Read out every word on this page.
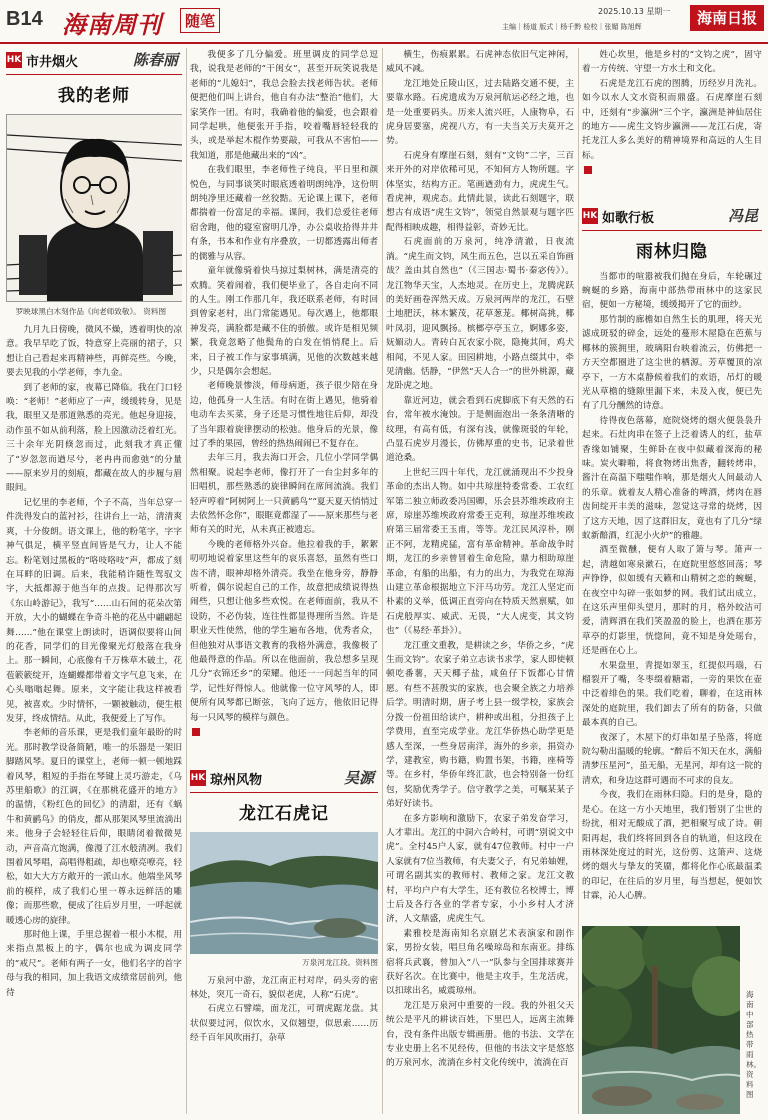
B14 海南周刊	随笔	主编｜杨道 版式｜杨千黔 检校｜张媚 陈旭辉
2025.10.13 星期一	海南日报
HK 市井烟火	陈春丽
我的老师
罗映球黑白木刻作品《向老师致敬》。 资料图

九月九日傍晚，微风不燥，透着明快的凉意。我早早吃了饭，特意穿上亮丽的裙子，只想让自己看起来再精神些，再鲜亮些。今晚，要去见我的小学老师，李九金。

到了老师的家，夜幕已降临。我在门口轻唤：“老师！”老师应了一声，缓缓转身，见是我，眼里又是那道熟悉的亮光。他起身迎接，动作虽不如从前利落，脸上因激动泛着红光。三十余年光阴倏忽而过，此刻我才真正懂了“岁忽忽而遒尽兮，老冉冉而愈弛”的分量——原来岁月的刻痕，都藏在故人的步履与眉眼间。

记忆里的李老师，个子不高，当年总穿一件洗得发白的蓝衬衫，往讲台上一站，清清爽爽，十分俊朗。语文课上，他的粉笔字，字字神气俱足，横平竖直间皆是气力，让人不能忘。粉笔划过黑板的“咯吱咯吱”声，都成了刻在耳畔的旧调。后来，我能稍许随性驾驭文字，大抵都源于他当年的点拨。记得那次写《东山岭游记》，我写“……山石间的花朵次第开放，大小的蝴蝶在争奇斗艳的花丛中翩翩起舞……”他在课堂上朗读时，语调似要将山间的花香，同学们的目光像聚光灯般落在我身上。那一瞬间，心底像有千万株草木破土，花苞簌簌绽开，连蝴蝶都带着文字气息飞来，在心头嗡嗡起舞。原来，文字能让我这样被看见，被喜欢。少时情怀，一颗被触动，便生根发芽，终成情结。从此，我便爱上了写作。

李老师的音乐课，更是我们童年最盼的时光。那时教学设备简陋，唯一的乐器是一架旧脚踏风琴。夏日的课堂上，老师一顿一顿地踩着风琴，粗短的手指在琴键上灵巧游走，《乌苏里船歌》的江调，《在那桃花盛开的地方》的温情，《粉红色的回忆》的清甜，还有《蜗牛和黄鹂鸟》的俏皮，都从那架风琴里流淌出来。他身子会轻轻往后仰，眼睛闭着微微晃动，声音高亢饱满，像漫了江水般清冽。我们围着风琴唱，高唱得粗疏，却也嘹亮嘹亮，轻松，如大大方方敞开的一派山水。他端坐风琴前的模样，成了我们心里一尊永远鲜活的雕像；而那些歌，便成了往后岁月里，一呼起就暖透心房的旋律。

那时他上课，手里总握着一根小木棍，用来指点黑板上的字，偶尔也成为调皮同学的“戒尺”。老师有两子一女，他们名字的首字母与我的相同，加上我语文成绩常居前列，他待

我便多了几分偏爱。班里调皮的同学总逗我，说我是老师的“干闺女”，甚至开玩笑说我是老师的“儿媳妇”，我总会脸去找老师告状。老师便把他们叫上讲台，他自有办法“整治”他们，大家笑作一团。有时，我确着他的偏爱，也会跟着同学起哄，他便张开手指，咬着嘴唇轻轻我的头，或是举起木棍作势要敲，可我从不害怕——我知道，那是他藏出来的“凶”。

在我们眼里，李老师性子纯良，平日里和颜悦色，与同事谈笑时眼底透着明朗纯净，这份明朗纯净里还藏着一丝狡黠。无论课上课下，老师都揣着一份富足的幸福。课间，我们总爱往老师宿舍跑，他的寝室窗明几净，办公桌收拾得井井有条，书本和作业有序叠放，一切都透露出师者的儒雅与从容。

童年就像骑着快马掠过梨树林，满是清亮的欢腾。笑着闹着，我们便毕业了，各自走向不同的人生。刚工作那几年，我还联系老师，有时回到曾家老村，出门常能遇见。每次遇上，他都眼神发亮，满脸都是藏不住的骄傲。或许是相见频繁，我竟忽略了他鬓角的白发在悄悄爬上。后来，日子被工作与家事填满，见他的次数越来越少，只是偶尔会想起。

老师晚景惨淡，师母病逝，孩子很少陪在身边，他孤身一人生活。有时在街上遇见，他骑着电动车去买菜，身子还是习惯性地往后仰，却没了当年跟着旋律摆动的松弛。他身后的光景，像过了季的果园，曾经的热热闹闹已不复存在。

去年三月，我去海口开会，几位小学同学偶然相聚。说起李老师，像打开了一台尘封多年的旧唱机，那些熟悉的旋律瞬间在席间流淌。我们轻声哼着“阿树阿上一只黄鹂鸟”“夏天夏天悄悄过去依然怀念你”，眼眶竟都湿了——原来那些与老师有关的时光，从未真正被遗忘。

今晚的老师格外兴奋。他拉着我的手，絮絮叨叨地说着家里这些年的哀乐喜怒，虽然有些口齿不清，眼神却格外清亮。我坐在他身旁，静静听着，偶尔说起自己的工作，故意把成绩说得热闹些，只想让他多些欢悦。在老师面前，我从不设防，不必伪装，连往性都显得理所当然。许是职业天性使然，他的学生遍布各地，优秀者众，但他独对从事语文教育的我格外满意，我像极了他最得意的作品。所以在他面前，我总想多呈现几分“衣锦还乡”的荣耀。他还一一问起当年的同学，记性好得惊人。他就像一位守风琴的人，即便所有风琴都已断弦，飞向了远方，他依旧记得每一只风琴的模样与颜色。

HK 琼州风物	吴源
龙江石虎记
万泉河龙江段。资料图

万泉河中游，龙江南正村对岸，码头旁的密林处，突兀一奇石，貌似老虎，人称“石虎”。

石虎立石譬端，面龙江，可谓虎踞龙盘。其状似要过河，似饮水，又似翘望，似思索……历经千百年风吹雨打，杂草

横生，伤痕累累。石虎神态依旧气定神闲，威风不减。

龙江地处丘陵山区，过去陆路交通不便，主要靠水路。石虎遗成为万泉河航运必经之地，也是一处重要码头。历来人流兴旺，人康物阜，石虎身居要塞，虎视八方，有一夫当关万夫莫开之势。

石虎身有摩崖石刻，刻有“文钧”二字，三百来开外的对岸依稀可见，不知何方人物所题。字体坚实，结构方正。笔画遒劲有力，虎虎生气。看虎神，观虎态。此情此景，读此石刻题字，联想古有成语“虎生文钧”，领觉自然景观与题字匹配得相映成趣，相得益彰，奇妙无比。

石虎面前的万泉河，纯净清澈，日夜流淌。“虎生而文钧，风生而五色，岂以五采自饰画哉？盖由其自然也”（《三国志·蜀书·秦宓传》）。龙江物华天宝，人杰地灵。在历史上，龙腾虎跃的美好画卷浑然天成。万泉河两岸的龙江，石壁土地肥沃，林木繁茂，花草葱茏。椰树高挑，椰叶凤羽，迎风飘扬。槟榔亭亭玉立，婀娜多姿，妩媚动人。青砖白瓦农家小院，隐掩其间，鸡犬相闻，不见人家。田园耕地，小路点缀其中，牵见清幽。恬静，“伊然“天人合一”的世外桃源，藏龙卧虎之地。

靠近河边，就会看到石虎脚底下有天然的石台，常年被水淹蚀。于是侧面泡出一条条清晰的纹理，有高有低，有深有浅，就像斑驳的年轮，凸显石虎岁月漫长，仿佛厚重的史书，记录着世道沧桑。

上世纪三四十年代，龙江就涌现出不少投身革命的杰出人物。如中共琼崖特委常委、工农红军第二独立师政委冯国卿，乐会县苏维埃政府主席，琼崖苏维埃政府常委王克利，琼崖苏维埃政府第三届常委王玉甫，等等。龙江民风淳朴，刚正不阿，龙精虎猛，富有革命精神。革命战争时期，龙江的乡亲曾冒着生命危险，鼎力相助琼崖革命，有船的出船，有力的出力，为我党在琼海山建立革命根据地立下汗马功劳。龙江人坚定而朴素的义举，低调正直旁向在特质天然禀赋，如石虎般厚实、威武、无畏，“大人虎变，其文钧也”（《易经·革卦》）。

龙江重文重教，是耕读之乡，华侨之乡，“虎生而文钧”。农家子弟立志读书求学，家人即使顿顿吃番薯，天天椰子盐，咸鱼仔下饭都心甘情愿。有些不甚殷实的家族，也会聚全族之力培养后学。明清时期，唐子考上县一级学校，家族会分拨一份祖田给读户，耕种或出租，分担孩子上学费用，直至完成学业。龙江华侨热心助学更是感人至深，一些身居南洋，海外的乡亲，捐资办学，建教室，购书籍，购置书架，书籍，座椅等等。在乡村，华侨年终汇款，也会特别备一份红包，奖励优秀学子。信守教学之美，可嘱某某子弟好好读书。

在多方影响和激励下，农家子弟发奋学习，人才辈出。龙江的中洞六合岭村，可谓“别说文中虎”。全村45户人家，就有47位教师。村中一户人家就有7位当教师，有夫妻父子，有兄弟妯娌，可谓名副其实的教师村、教师之家。龙江文教村，平均户户有大学生，还有教位名校博士，博士后及各行各业的学者专家，小小乡村人才济济，人文鼎盛，虎虎生气。

素雅校是海南知名京剧艺术表演家和剧作家，男扮女装，唱旦角名噪琼岛和东南亚。排练宿将兵武襄，曾加入“八一”队参与全国排球赛并获好名次。在比赛中，他是主攻手，生龙活虎，以扣球出名，威震琼州。

龙江是万泉河中重要的一段。我的外祖父天统公是平凡的耕读百姓，下里巴人，远离主流舞台，没有条件出版专辑画册。他的书法、文学在专业史册上名不见经传，但他的书法文字是悠悠的万泉河水，流淌在乡村文化传统中，流淌在百

姓心坎里，他是乡村的“文钧之虎”，固守着一方传统、守望一方水土和文化。

石虎是龙江石虎的图腾，历经岁月洗礼。如今以水人文水资积而鼎盛。石虎摩崖石刻中，还刻有“步瀛洲”三个字，瀛洲是神仙居住的地方——虎生文钧步瀛洲——龙江石虎，寄托龙江人多么美好的精神境界和高远的人生目标。

HK 如歌行板	冯昆
雨林归隐

当都市的喧嚣被我们抛在身后，车轮碾过蜿蜒的乡路，海南中部热带雨林中的这家民宿，便如一方秘境，缓缓揭开了它的面纱。

那竹制的廊檐如自然生长的肌理，将天光滤成斑驳的碎金，远处的蔓形木屋隐在芭蕉与椰林的簇拥里，玻璃阳台映着流云，仿佛把一方天空都圈进了这尘世的栖源。芳草覆顶的凉亭下，一方木桌静候着我们的欢语，吊灯的暖光从草檐的缝隙里漏下来，未及入夜，便已先有了几分醺然的诗意。

待得夜色落幕，庭院烧烤的烟火便袅袅升起来。石灶肉串在签子上泛着诱人的红，盐草香缘如铺聚，生鲜卧在夜中似藏着深海的秘味。炭火噼啪，将食物烤出焦香，翻转烤串，酱汁在高温下嗤嗤作响，那是烟火人间最动人的乐章。就着友人精心准备的啤酒，烤肉在唇齿间绽开丰美的滋味，忽觉这寻常的烧烤，因了这方天地，因了这群旧友，竟也有了几分“绿蚁新醅酒，红泥小火炉”的雅趣。

酒至微醺，便有人取了箫与琴。箫声一起，清越如寒泉漱石，在庭院里悠悠回荡；琴声铮铮，似如缓有天籁和山精树之恋的蜿蜒，在夜空中勾碎一张如梦的网。我们试出成立，在这乐声里仰头望月，那时的月，格外皎洁可爱，清辉洒在我们笑盈盈的脸上，也洒在那芳草亭的灯影里，恍惚间，竟不知是身处瑶台，还是画在心上。

水果盘里，青提如翠玉，红提似玛瑙，石榴裂开了嘴，冬枣缀着糖霜，一旁的果饮在壶中泛着绯色的果。我们吃着，聊着，在这雨林深处的庭院里，我们卸去了所有的防备，只做最本真的自己。

夜深了，木屋下的灯串如星子坠落，将庭院勾勒出温暖的轮廓。“醉后不知天在水，满船清梦压星河”，虽无船，无星河，却有这一院的清欢，和身边这群可遇而不可求的良友。

今夜，我们在雨林归隐。归的是身，隐的是心。在这一方小天地里，我们暂别了尘世的纷扰，相对无酸成了酒，把相聚写成了诗。朝阳再起，我们终将回到各自的轨道，但这段在雨林深处度过的时光，这份剪、这箫声、这烧烤的烟火与挚友的笑靥，都将化作心底最温柔的印记，在往后的岁月里，每当想起，便如饮甘霖，沁人心脾。

海南中部热带雨林。资料图
